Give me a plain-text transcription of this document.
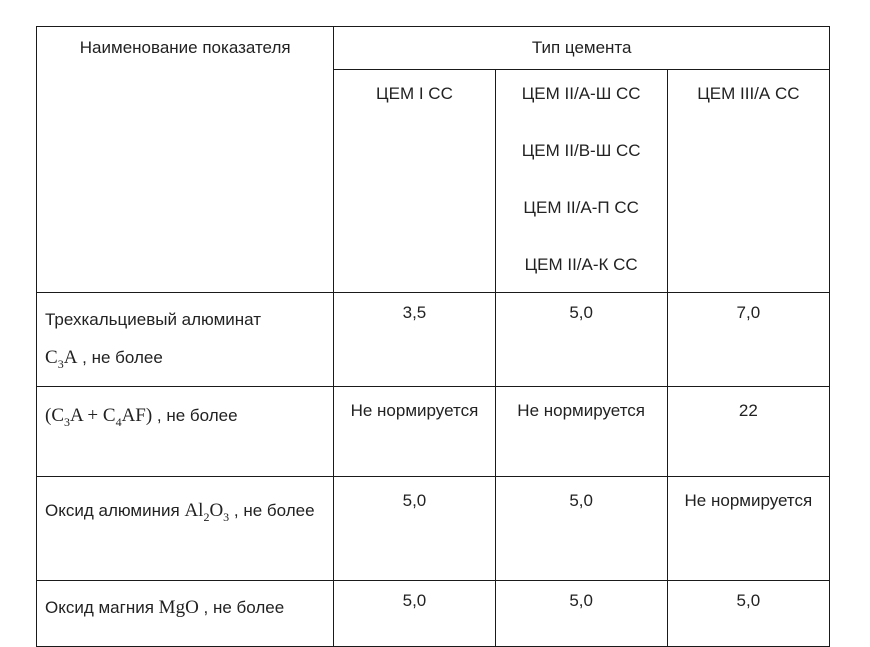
Наименование показателя	Тип цемента		

	ЦЕМ I СС	ЦЕМ II/А-Ш СС
ЦЕМ II/В-Ш СС
ЦЕМ II/А-П СС
ЦЕМ II/А-К СС	ЦЕМ III/А СС

Трехкальциевый алюминат
$C_3A$ , не более	3,5	5,0	7,0
$(C_3A + C_4AF)$ , не более	Не нормируется	Не нормируется	22
Оксид алюминия $Al_2O_3$ , не более	5,0	5,0	Не нормируется
Оксид магния MgO , не более	5,0	5,0	5,0
